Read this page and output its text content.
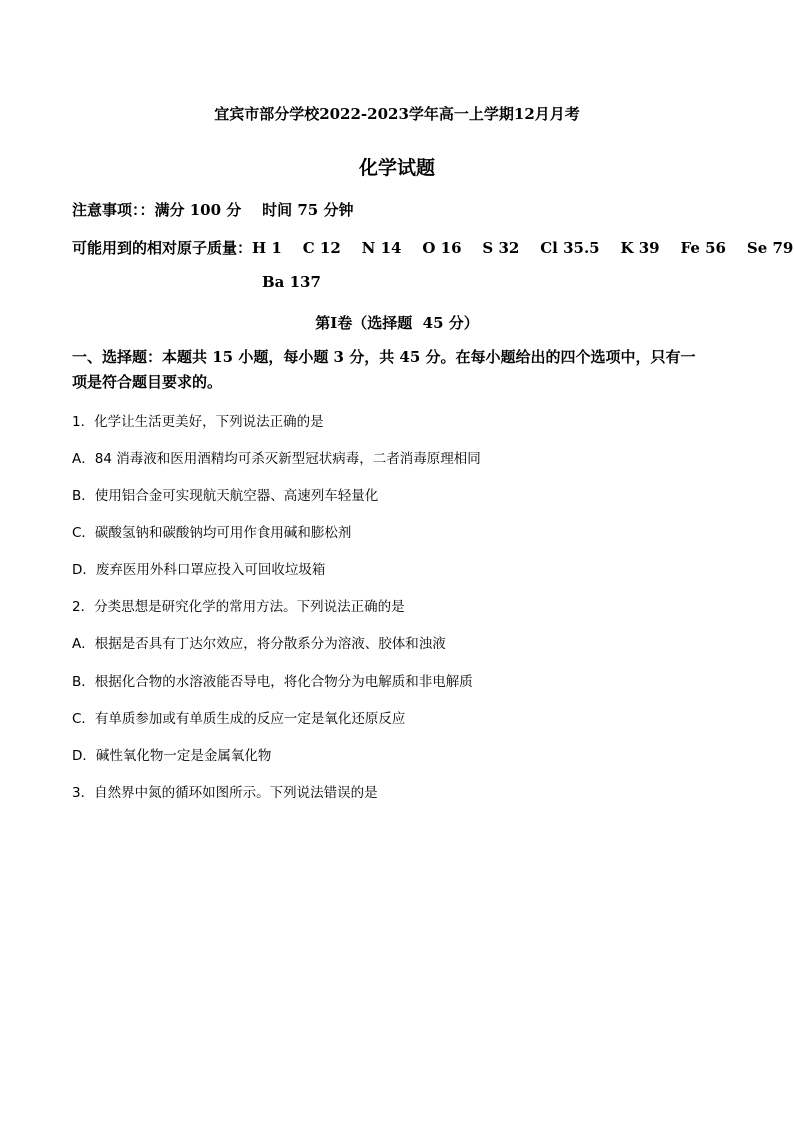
宜宾市部分学校2022-2023学年高一上学期12月月考
化学试题
注意事项：：满分 100 分    时间 75 分钟
可能用到的相对原子质量：H 1    C 12    N 14    O 16    S 32    Cl 35.5    K 39    Fe 56    Se 79
Ba 137
第Ⅰ卷（选择题  45 分）
一、选择题：本题共 15 小题，每小题 3 分，共 45 分。在每小题给出的四个选项中，只有一
项是符合题目要求的。
1．化学让生活更美好，下列说法正确的是
A．84 消毒液和医用酒精均可杀灭新型冠状病毒，二者消毒原理相同
B．使用铝合金可实现航天航空器、高速列车轻量化
C．碳酸氢钠和碳酸钠均可用作食用碱和膨松剂
D．废弃医用外科口罩应投入可回收垃圾箱
2．分类思想是研究化学的常用方法。下列说法正确的是
A．根据是否具有丁达尔效应，将分散系分为溶液、胶体和浊液
B．根据化合物的水溶液能否导电，将化合物分为电解质和非电解质
C．有单质参加或有单质生成的反应一定是氧化还原反应
D．碱性氧化物一定是金属氧化物
3．自然界中氮的循环如图所示。下列说法错误的是
